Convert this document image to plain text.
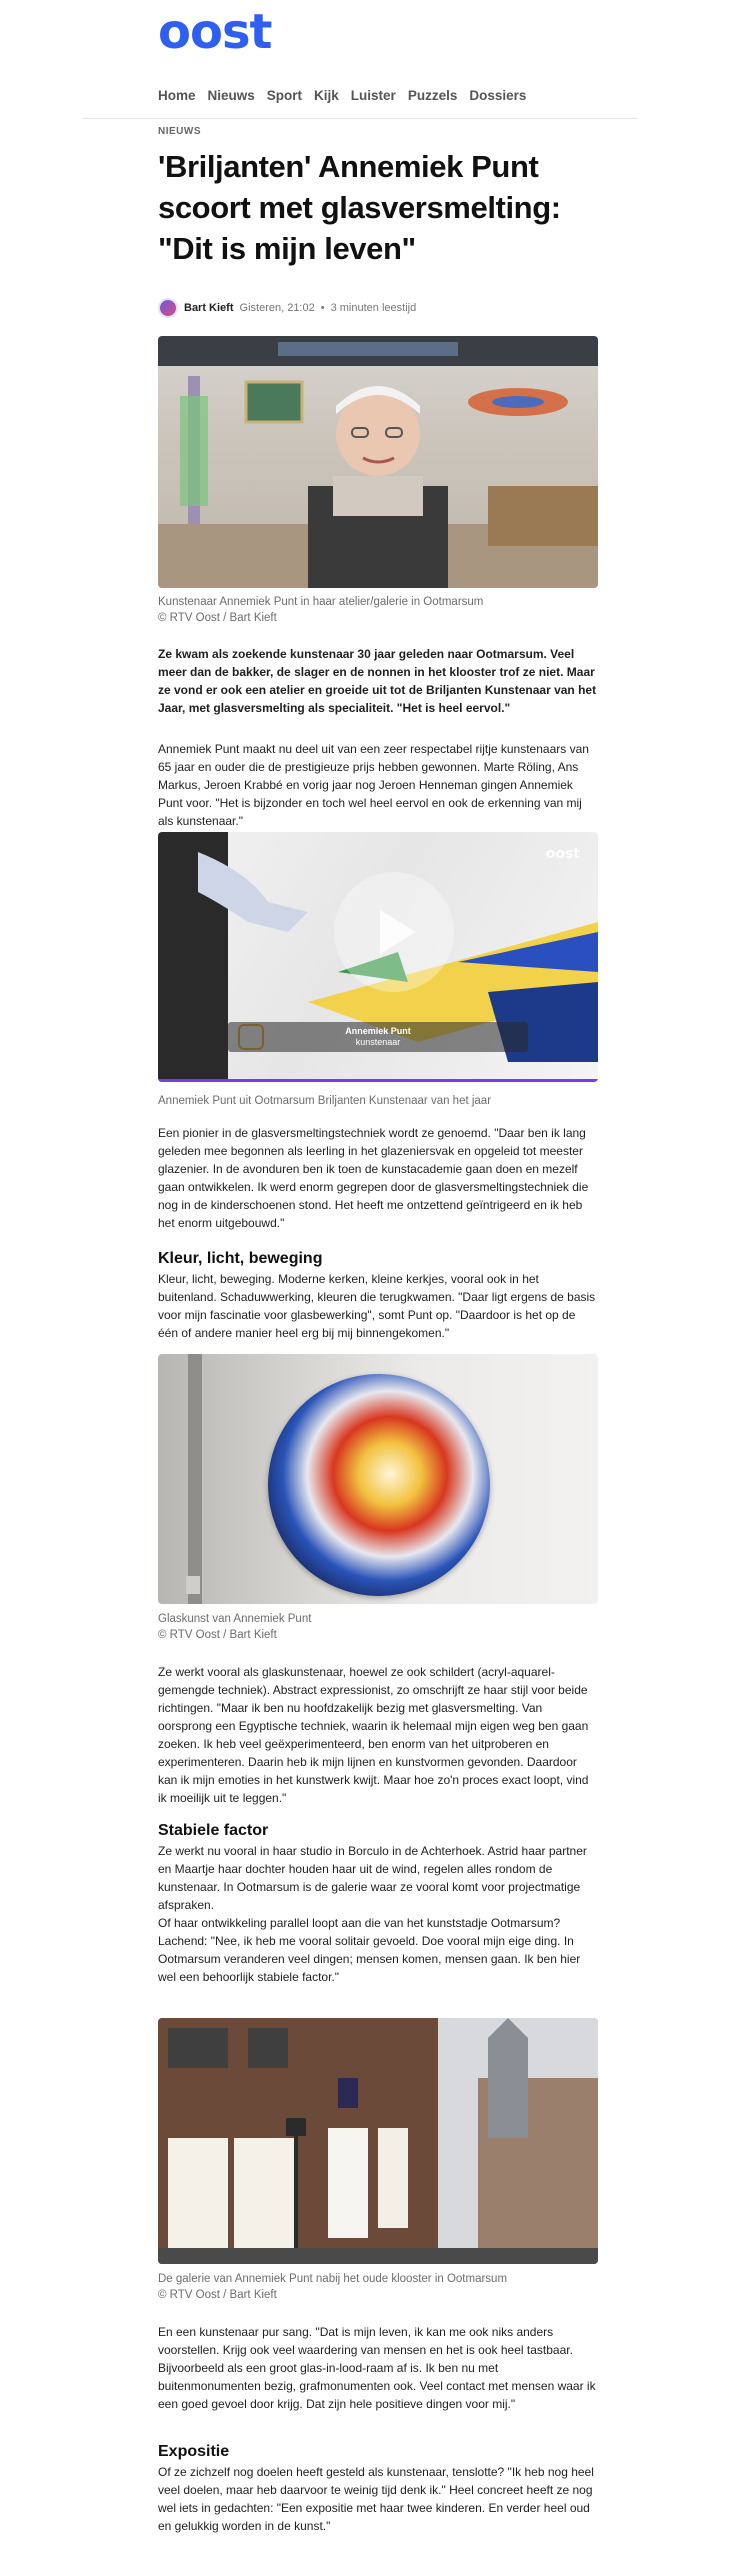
oost
Home Nieuws Sport Kijk Luister Puzzels Dossiers
NIEUWS
'Briljanten' Annemiek Punt scoort met glasversmelting: "Dit is mijn leven"
Bart Kieft Gisteren, 21:02 • 3 minuten leestijd
Kunstenaar Annemiek Punt in haar atelier/galerie in Ootmarsum
© RTV Oost / Bart Kieft

Ze kwam als zoekende kunstenaar 30 jaar geleden naar Ootmarsum. Veel meer dan de bakker, de slager en de nonnen in het klooster trof ze niet. Maar ze vond er ook een atelier en groeide uit tot de Briljanten Kunstenaar van het Jaar, met glasversmelting als specialiteit. "Het is heel eervol."

Annemiek Punt maakt nu deel uit van een zeer respectabel rijtje kunstenaars van 65 jaar en ouder die de prestigieuze prijs hebben gewonnen. Marte Röling, Ans Markus, Jeroen Krabbé en vorig jaar nog Jeroen Henneman gingen Annemiek Punt voor. "Het is bijzonder en toch wel heel eervol en ook de erkenning van mij als kunstenaar."

oost
Annemiek Punt
kunstenaar
Annemiek Punt uit Ootmarsum Briljanten Kunstenaar van het jaar

Een pionier in de glasversmeltingstechniek wordt ze genoemd. "Daar ben ik lang geleden mee begonnen als leerling in het glazeniersvak en opgeleid tot meester glazenier. In de avonduren ben ik toen de kunstacademie gaan doen en mezelf gaan ontwikkelen. Ik werd enorm gegrepen door de glasversmeltingstechniek die nog in de kinderschoenen stond. Het heeft me ontzettend geïntrigeerd en ik heb het enorm uitgebouwd."

Kleur, licht, beweging

Kleur, licht, beweging. Moderne kerken, kleine kerkjes, vooral ook in het buitenland. Schaduwwerking, kleuren die terugkwamen. "Daar ligt ergens de basis voor mijn fascinatie voor glasbewerking", somt Punt op. "Daardoor is het op de één of andere manier heel erg bij mij binnengekomen."

Glaskunst van Annemiek Punt
© RTV Oost / Bart Kieft

Ze werkt vooral als glaskunstenaar, hoewel ze ook schildert (acryl-aquarel-gemengde techniek). Abstract expressionist, zo omschrijft ze haar stijl voor beide richtingen. "Maar ik ben nu hoofdzakelijk bezig met glasversmelting. Van oorsprong een Egyptische techniek, waarin ik helemaal mijn eigen weg ben gaan zoeken. Ik heb veel geëxperimenteerd, ben enorm van het uitproberen en experimenteren. Daarin heb ik mijn lijnen en kunstvormen gevonden. Daardoor kan ik mijn emoties in het kunstwerk kwijt. Maar hoe zo'n proces exact loopt, vind ik moeilijk uit te leggen."

Stabiele factor

Ze werkt nu vooral in haar studio in Borculo in de Achterhoek. Astrid haar partner en Maartje haar dochter houden haar uit de wind, regelen alles rondom de kunstenaar. In Ootmarsum is de galerie waar ze vooral komt voor projectmatige afspraken.

Of haar ontwikkeling parallel loopt aan die van het kunststadje Ootmarsum? Lachend: "Nee, ik heb me vooral solitair gevoeld. Doe vooral mijn eige ding. In Ootmarsum veranderen veel dingen; mensen komen, mensen gaan. Ik ben hier wel een behoorlijk stabiele factor."

De galerie van Annemiek Punt nabij het oude klooster in Ootmarsum
© RTV Oost / Bart Kieft

En een kunstenaar pur sang. "Dat is mijn leven, ik kan me ook niks anders voorstellen. Krijg ook veel waardering van mensen en het is ook heel tastbaar. Bijvoorbeeld als een groot glas-in-lood-raam af is. Ik ben nu met buitenmonumenten bezig, grafmonumenten ook. Veel contact met mensen waar ik een goed gevoel door krijg. Dat zijn hele positieve dingen voor mij."

Expositie

Of ze zichzelf nog doelen heeft gesteld als kunstenaar, tenslotte? "Ik heb nog heel veel doelen, maar heb daarvoor te weinig tijd denk ik." Heel concreet heeft ze nog wel iets in gedachten: "Een expositie met haar twee kinderen. En verder heel oud en gelukkig worden in de kunst."
